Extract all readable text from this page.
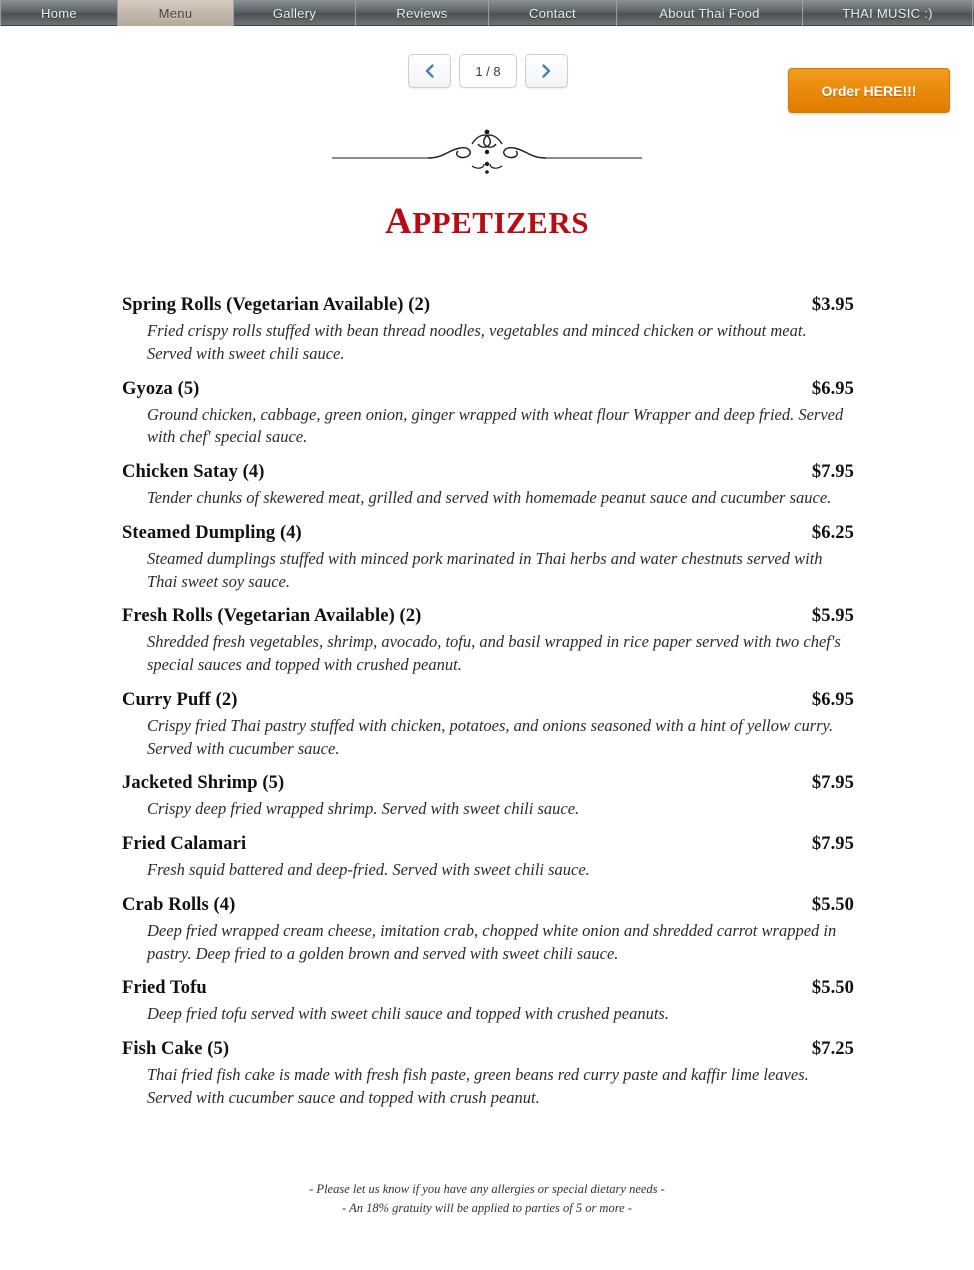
Home	Menu	Gallery	Reviews	Contact	About Thai Food	THAI MUSIC :)
1 / 8
Order HERE!!!
APPETIZERS
Spring Rolls (Vegetarian Available) (2)	$3.95
Fried crispy rolls stuffed with bean thread noodles, vegetables and minced chicken or without meat. Served with sweet chili sauce.
Gyoza (5)	$6.95
Ground chicken, cabbage, green onion, ginger wrapped with wheat flour Wrapper and deep fried. Served with chef' special sauce.
Chicken Satay (4)	$7.95
Tender chunks of skewered meat, grilled and served with homemade peanut sauce and cucumber sauce.
Steamed Dumpling (4)	$6.25
Steamed dumplings stuffed with minced pork marinated in Thai herbs and water chestnuts served with Thai sweet soy sauce.
Fresh Rolls (Vegetarian Available) (2)	$5.95
Shredded fresh vegetables, shrimp, avocado, tofu, and basil wrapped in rice paper served with two chef's special sauces and topped with crushed peanut.
Curry Puff (2)	$6.95
Crispy fried Thai pastry stuffed with chicken, potatoes, and onions seasoned with a hint of yellow curry. Served with cucumber sauce.
Jacketed Shrimp (5)	$7.95
Crispy deep fried wrapped shrimp. Served with sweet chili sauce.
Fried Calamari	$7.95
Fresh squid battered and deep-fried. Served with sweet chili sauce.
Crab Rolls (4)	$5.50
Deep fried wrapped cream cheese, imitation crab, chopped white onion and shredded carrot wrapped in pastry. Deep fried to a golden brown and served with sweet chili sauce.
Fried Tofu	$5.50
Deep fried tofu served with sweet chili sauce and topped with crushed peanuts.
Fish Cake (5)	$7.25
Thai fried fish cake is made with fresh fish paste, green beans red curry paste and kaffir lime leaves. Served with cucumber sauce and topped with crush peanut.
- Please let us know if you have any allergies or special dietary needs -
- An 18% gratuity will be applied to parties of 5 or more -
